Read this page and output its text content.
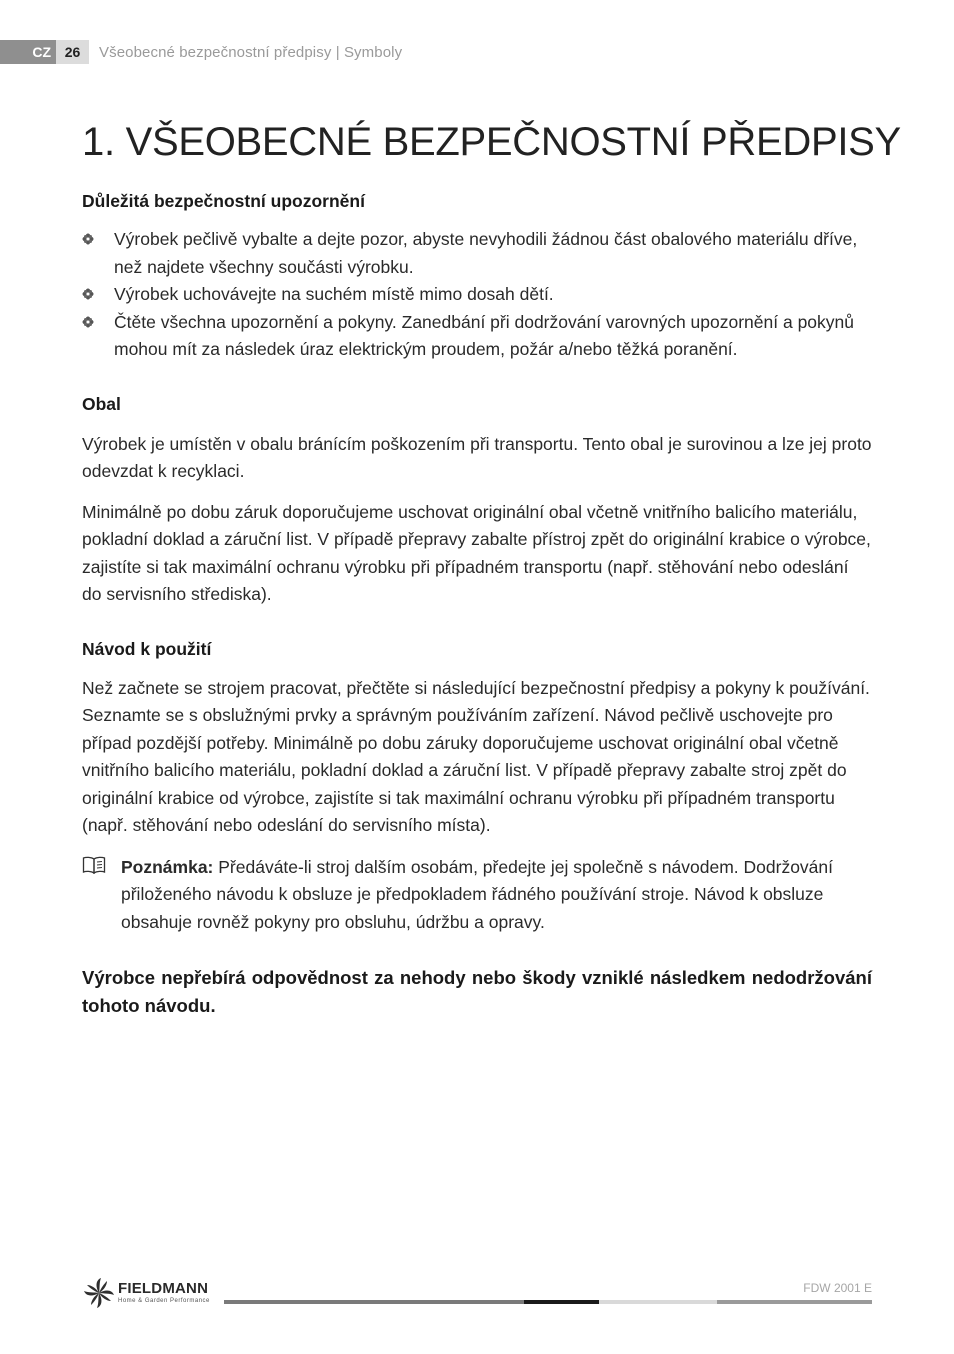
CZ 26	Všeobecné bezpečnostní předpisy | Symboly
1. VŠEOBECNÉ BEZPEČNOSTNÍ PŘEDPISY
Důležitá bezpečnostní upozornění
Výrobek pečlivě vybalte a dejte pozor, abyste nevyhodili žádnou část obalového materiálu dříve, než najdete všechny součásti výrobku.
Výrobek uchovávejte na suchém místě mimo dosah dětí.
Čtěte všechna upozornění a pokyny. Zanedbání při dodržování varovných upozornění a pokynů mohou mít za následek úraz elektrickým proudem, požár a/nebo těžká poranění.
Obal

Výrobek je umístěn v obalu bránícím poškozením při transportu. Tento obal je surovinou a lze jej proto odevzdat k recyklaci.

Minimálně po dobu záruk doporučujeme uschovat originální obal včetně vnitřního balicího materiálu, pokladní doklad a záruční list. V případě přepravy zabalte přístroj zpět do originální krabice o výrobce, zajistíte si tak maximální ochranu výrobku při případném transportu (např. stěhování nebo odeslání do servisního střediska).

Návod k použití

Než začnete se strojem pracovat, přečtěte si následující bezpečnostní předpisy a pokyny k používání. Seznamte se s obslužnými prvky a správným používáním zařízení. Návod pečlivě uschovejte pro případ pozdější potřeby. Minimálně po dobu záruky doporučujeme uschovat originální obal včetně vnitřního balicího materiálu, pokladní doklad a záruční list. V případě přepravy zabalte stroj zpět do originální krabice od výrobce, zajistíte si tak maximální ochranu výrobku při případném transportu (např. stěhování nebo odeslání do servisního místa).

Poznámka: Předáváte-li stroj dalším osobám, předejte jej společně s návodem. Dodržování přiloženého návodu k obsluze je předpokladem řádného používání stroje. Návod k obsluze obsahuje rovněž pokyny pro obsluhu, údržbu a opravy.

Výrobce nepřebírá odpovědnost za nehody nebo škody vzniklé následkem nedodržování tohoto návodu.

FIELDMANN
Home & Garden Performance
FDW 2001 E
